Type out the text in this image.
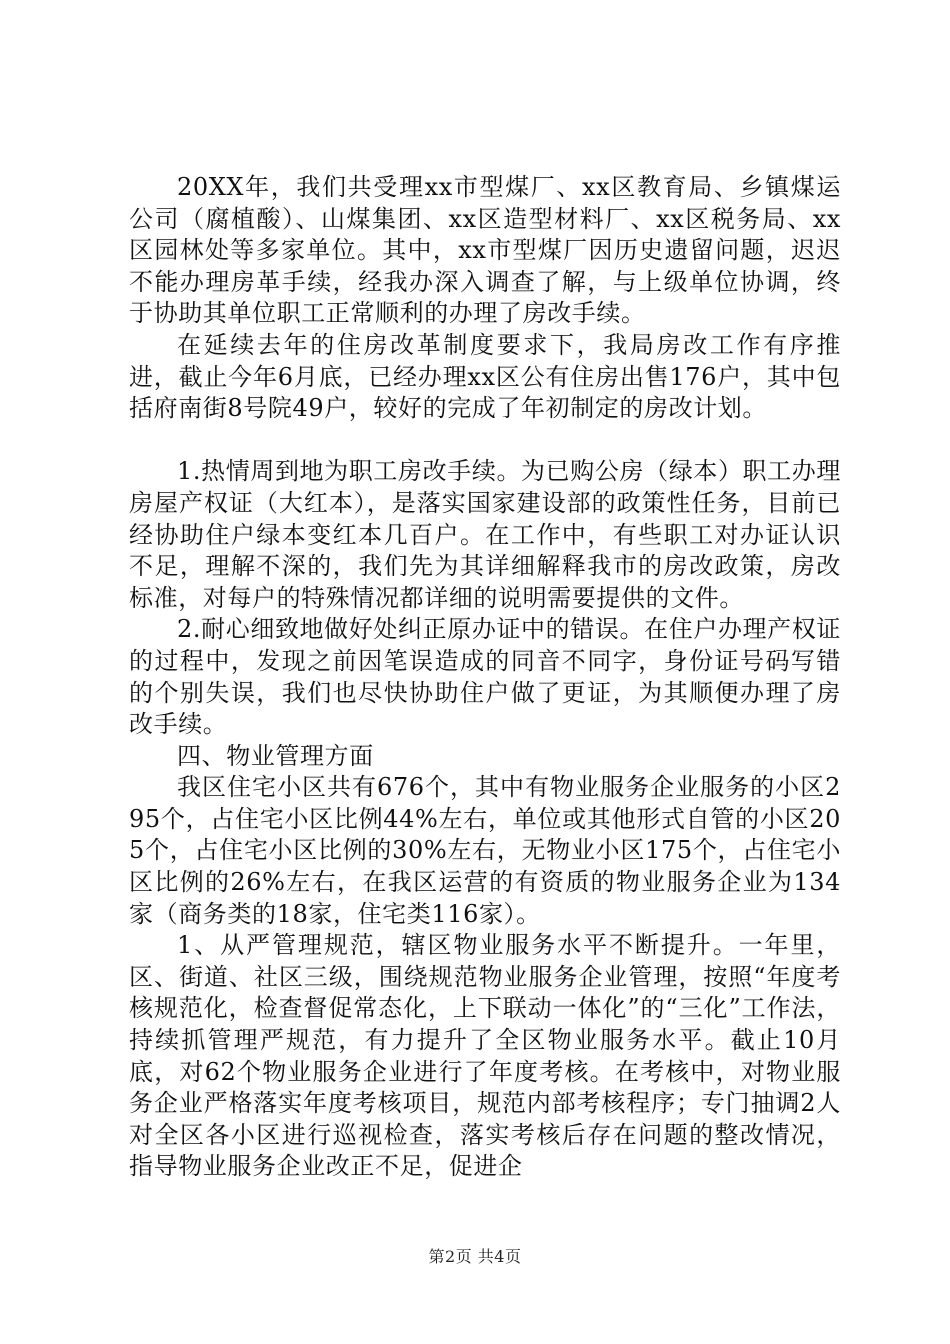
20XX年，我们共受理xx市型煤厂、xx区教育局、乡镇煤运公司（腐植酸）、山煤集团、xx区造型材料厂、xx区税务局、xx区园林处等多家单位。其中，xx市型煤厂因历史遗留问题，迟迟不能办理房革手续，经我办深入调查了解，与上级单位协调，终于协助其单位职工正常顺利的办理了房改手续。

在延续去年的住房改革制度要求下，我局房改工作有序推进，截止今年6月底，已经办理xx区公有住房出售176户，其中包括府南街8号院49户，较好的完成了年初制定的房改计划。

1.热情周到地为职工房改手续。为已购公房（绿本）职工办理房屋产权证（大红本），是落实国家建设部的政策性任务，目前已经协助住户绿本变红本几百户。在工作中，有些职工对办证认识不足，理解不深的，我们先为其详细解释我市的房改政策，房改标准，对每户的特殊情况都详细的说明需要提供的文件。

2.耐心细致地做好处纠正原办证中的错误。在住户办理产权证的过程中，发现之前因笔误造成的同音不同字，身份证号码写错的个别失误，我们也尽快协助住户做了更证，为其顺便办理了房改手续。

四、物业管理方面

我区住宅小区共有676个，其中有物业服务企业服务的小区295个，占住宅小区比例44%左右，单位或其他形式自管的小区205个，占住宅小区比例的30%左右，无物业小区175个，占住宅小区比例的26%左右，在我区运营的有资质的物业服务企业为134家（商务类的18家，住宅类116家）。

1、从严管理规范，辖区物业服务水平不断提升。一年里，区、街道、社区三级，围绕规范物业服务企业管理，按照“年度考核规范化，检查督促常态化，上下联动一体化”的“三化”工作法，持续抓管理严规范，有力提升了全区物业服务水平。截止10月底，对62个物业服务企业进行了年度考核。在考核中，对物业服务企业严格落实年度考核项目，规范内部考核程序；专门抽调2人对全区各小区进行巡视检查，落实考核后存在问题的整改情况，指导物业服务企业改正不足，促进企

第2页 共4页
